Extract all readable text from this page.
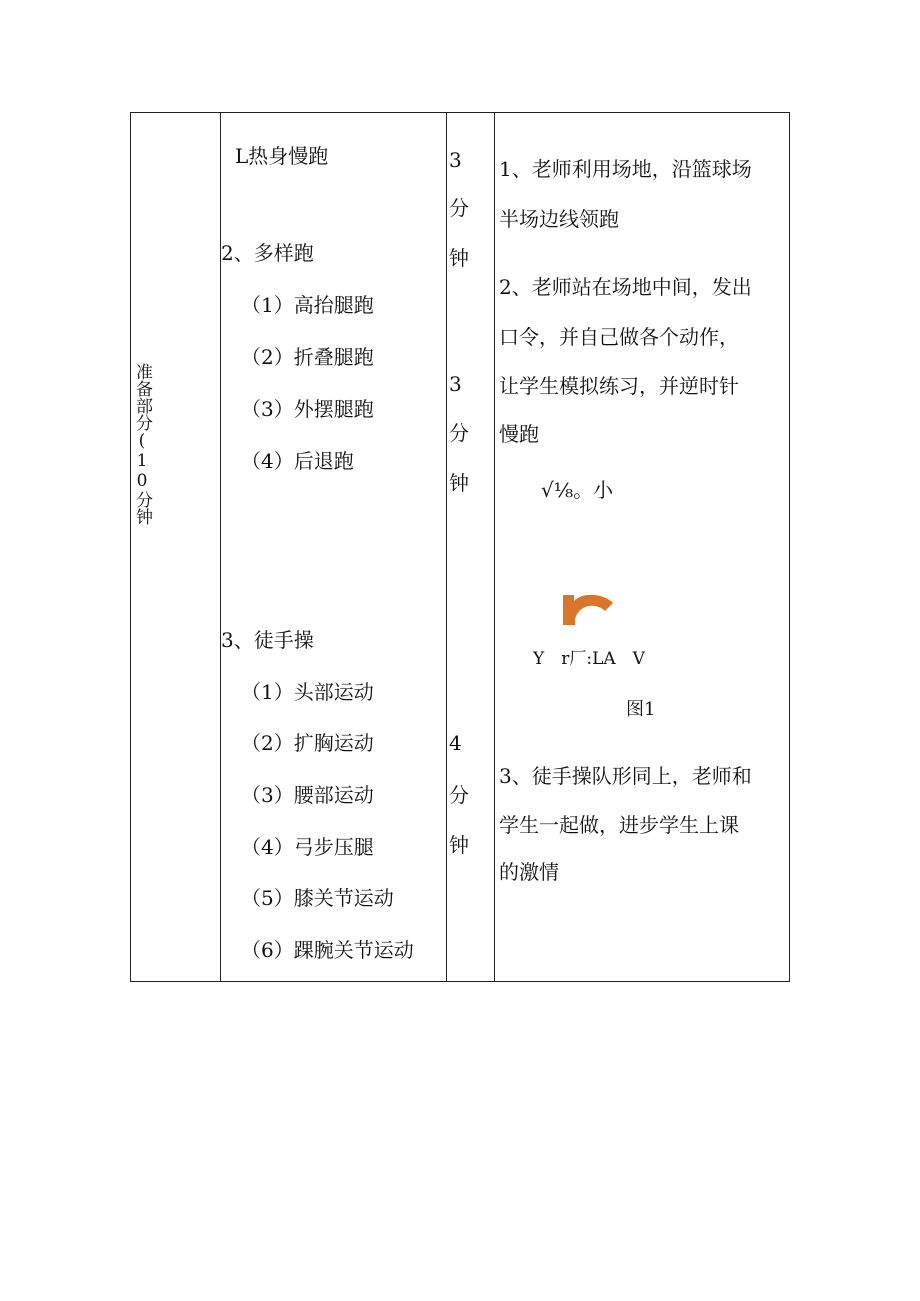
准备部分(10分钟
L热身慢跑
2、多样跑
（1）高抬腿跑
（2）折叠腿跑
（3）外摆腿跑
（4）后退跑
3、徒手操
（1）头部运动
（2）扩胸运动
（3）腰部运动
（4）弓步压腿
（5）膝关节运动
（6）踝腕关节运动
3
分
钟
3
分
钟
4
分
钟
1、老师利用场地，沿篮球场
半场边线领跑
2、老师站在场地中间，发出
口令，并自己做各个动作，
让学生模拟练习，并逆时针
慢跑
√⅛。小
Y　r厂:LA　V
图1
3、徒手操队形同上，老师和
学生一起做，进步学生上课
的激情
